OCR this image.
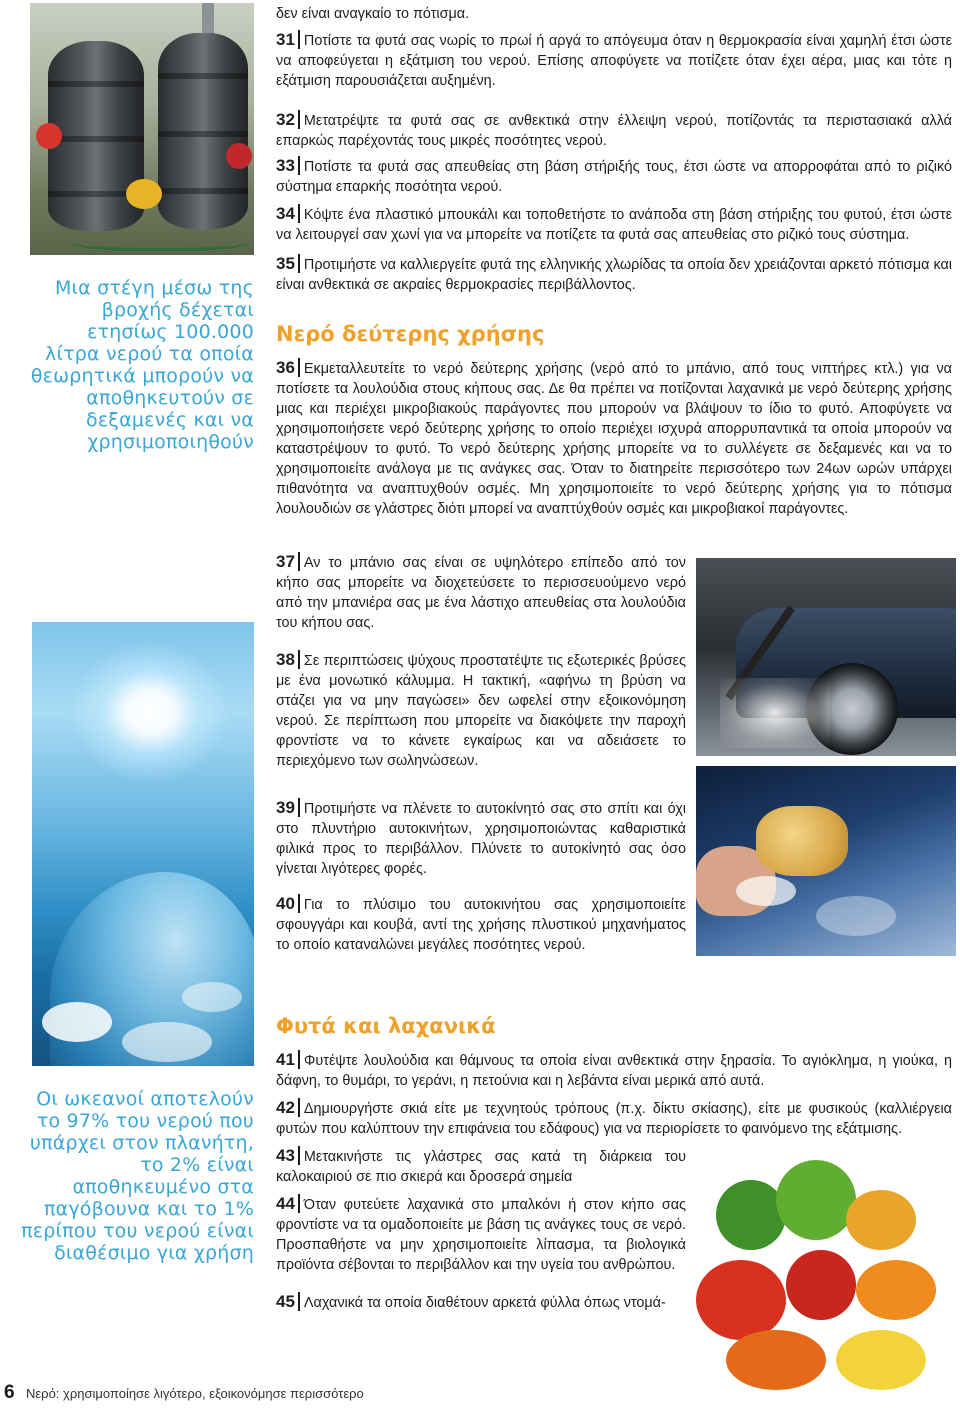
Μια στέγη μέσω της βροχής δέχεται ετησίως 100.000 λίτρα νερού τα οποία θεωρητικά μπορούν να αποθηκευτούν σε δεξαμενές και να χρησιμοποιηθούν
Οι ωκεανοί αποτελούν το 97% του νερού που υπάρχει στον πλανήτη, το 2% είναι αποθηκευμένο στα παγόβουνα και το 1% περίπου του νερού είναι διαθέσιμο για χρήση

δεν είναι αναγκαίο το πότισμα.

31 Ποτίστε τα φυτά σας νωρίς το πρωί ή αργά το απόγευμα όταν η θερμοκρασία είναι χαμηλή έτσι ώστε να αποφεύγεται η εξάτμιση του νερού. Επίσης αποφύγετε να ποτίζετε όταν έχει αέρα, μιας και τότε η εξάτμιση παρουσιάζεται αυξημένη.

32 Μετατρέψτε τα φυτά σας σε ανθεκτικά στην έλλειψη νερού, ποτίζοντάς τα περιστασιακά αλλά επαρκώς παρέχοντάς τους μικρές ποσότητες νερού.

33 Ποτίστε τα φυτά σας απευθείας στη βάση στήριξής τους, έτσι ώστε να απορροφάται από το ριζικό σύστημα επαρκής ποσότητα νερού.

34 Κόψτε ένα πλαστικό μπουκάλι και τοποθετήστε το ανάποδα στη βάση στήριξης του φυτού, έτσι ώστε να λειτουργεί σαν χωνί για να μπορείτε να ποτίζετε τα φυτά σας απευθείας στο ριζικό τους σύστημα.

35 Προτιμήστε να καλλιεργείτε φυτά της ελληνικής χλωρίδας τα οποία δεν χρειάζονται αρκετό πότισμα και είναι ανθεκτικά σε ακραίες θερμοκρασίες περιβάλλοντος.

Νερό δεύτερης χρήσης

36 Εκμεταλλευτείτε το νερό δεύτερης χρήσης (νερό από το μπάνιο, από τους νιπτήρες κτλ.) για να ποτίσετε τα λουλούδια στους κήπους σας. Δε θα πρέπει να ποτίζονται λαχανικά με νερό δεύτερης χρήσης μιας και περιέχει μικροβιακούς παράγοντες που μπορούν να βλάψουν το ίδιο το φυτό. Αποφύγετε να χρησιμοποιήσετε νερό δεύτερης χρήσης το οποίο περιέχει ισχυρά απορρυπαντικά τα οποία μπορούν να καταστρέψουν το φυτό. Το νερό δεύτερης χρήσης μπορείτε να το συλλέγετε σε δεξαμενές και να το χρησιμοποιείτε ανάλογα με τις ανάγκες σας. Όταν το διατηρείτε περισσότερο των 24ων ωρών υπάρχει πιθανότητα να αναπτυχθούν οσμές. Μη χρησιμοποιείτε το νερό δεύτερης χρήσης για το πότισμα λουλουδιών σε γλάστρες διότι μπορεί να αναπτύχθούν οσμές και μικροβιακοί παράγοντες.

37 Αν το μπάνιο σας είναι σε υψηλότερο επίπεδο από τον κήπο σας μπορείτε να διοχετεύσετε το περισσευούμενο νερό από την μπανιέρα σας με ένα λάστιχο απευθείας στα λουλούδια του κήπου σας.

38 Σε περιπτώσεις ψύχους προστατέψτε τις εξωτερικές βρύσες με ένα μονωτικό κάλυμμα. Η τακτική, «αφήνω τη βρύση να στάζει για να μην παγώσει» δεν ωφελεί στην εξοικονόμηση νερού. Σε περίπτωση που μπορείτε να διακόψετε την παροχή φροντίστε να το κάνετε εγκαίρως και να αδειάσετε το περιεχόμενο των σωληνώσεων.

39 Προτιμήστε να πλένετε το αυτοκίνητό σας στο σπίτι και όχι στο πλυντήριο αυτοκινήτων, χρησιμοποιώντας καθαριστικά φιλικά προς το περιβάλλον. Πλύνετε το αυτοκίνητό σας όσο γίνεται λιγότερες φορές.

40 Για το πλύσιμο του αυτοκινήτου σας χρησιμοποιείτε σφουγγάρι και κουβά, αντί της χρήσης πλυστικού μηχανήματος το οποίο καταναλώνει μεγάλες ποσότητες νερού.

Φυτά και λαχανικά

41 Φυτέψτε λουλούδια και θάμνους τα οποία είναι ανθεκτικά στην ξηρασία. Το αγιόκλημα, η γιούκα, η δάφνη, το θυμάρι, το γεράνι, η πετούνια και η λεβάντα είναι μερικά από αυτά.

42 Δημιουργήστε σκιά είτε με τεχνητούς τρόπους (π.χ. δίκτυ σκίασης), είτε με φυσικούς (καλλιέργεια φυτών που καλύπτουν την επιφάνεια του εδάφους) για να περιορίσετε το φαινόμενο της εξάτμισης.

43 Μετακινήστε τις γλάστρες σας κατά τη διάρκεια του καλοκαιριού σε πιο σκιερά και δροσερά σημεία

44 Όταν φυτεύετε λαχανικά στο μπαλκόνι ή στον κήπο σας φροντίστε να τα ομαδοποιείτε με βάση τις ανάγκες τους σε νερό. Προσπαθήστε να μην χρησιμοποιείτε λίπασμα, τα βιολογικά προϊόντα σέβονται το περιβάλλον και την υγεία του ανθρώπου.

45 Λαχανικά τα οποία διαθέτουν αρκετά φύλλα όπως ντομά-

6 Νερό: χρησιμοποίησε λιγότερο, εξοικονόμησε περισσότερο
